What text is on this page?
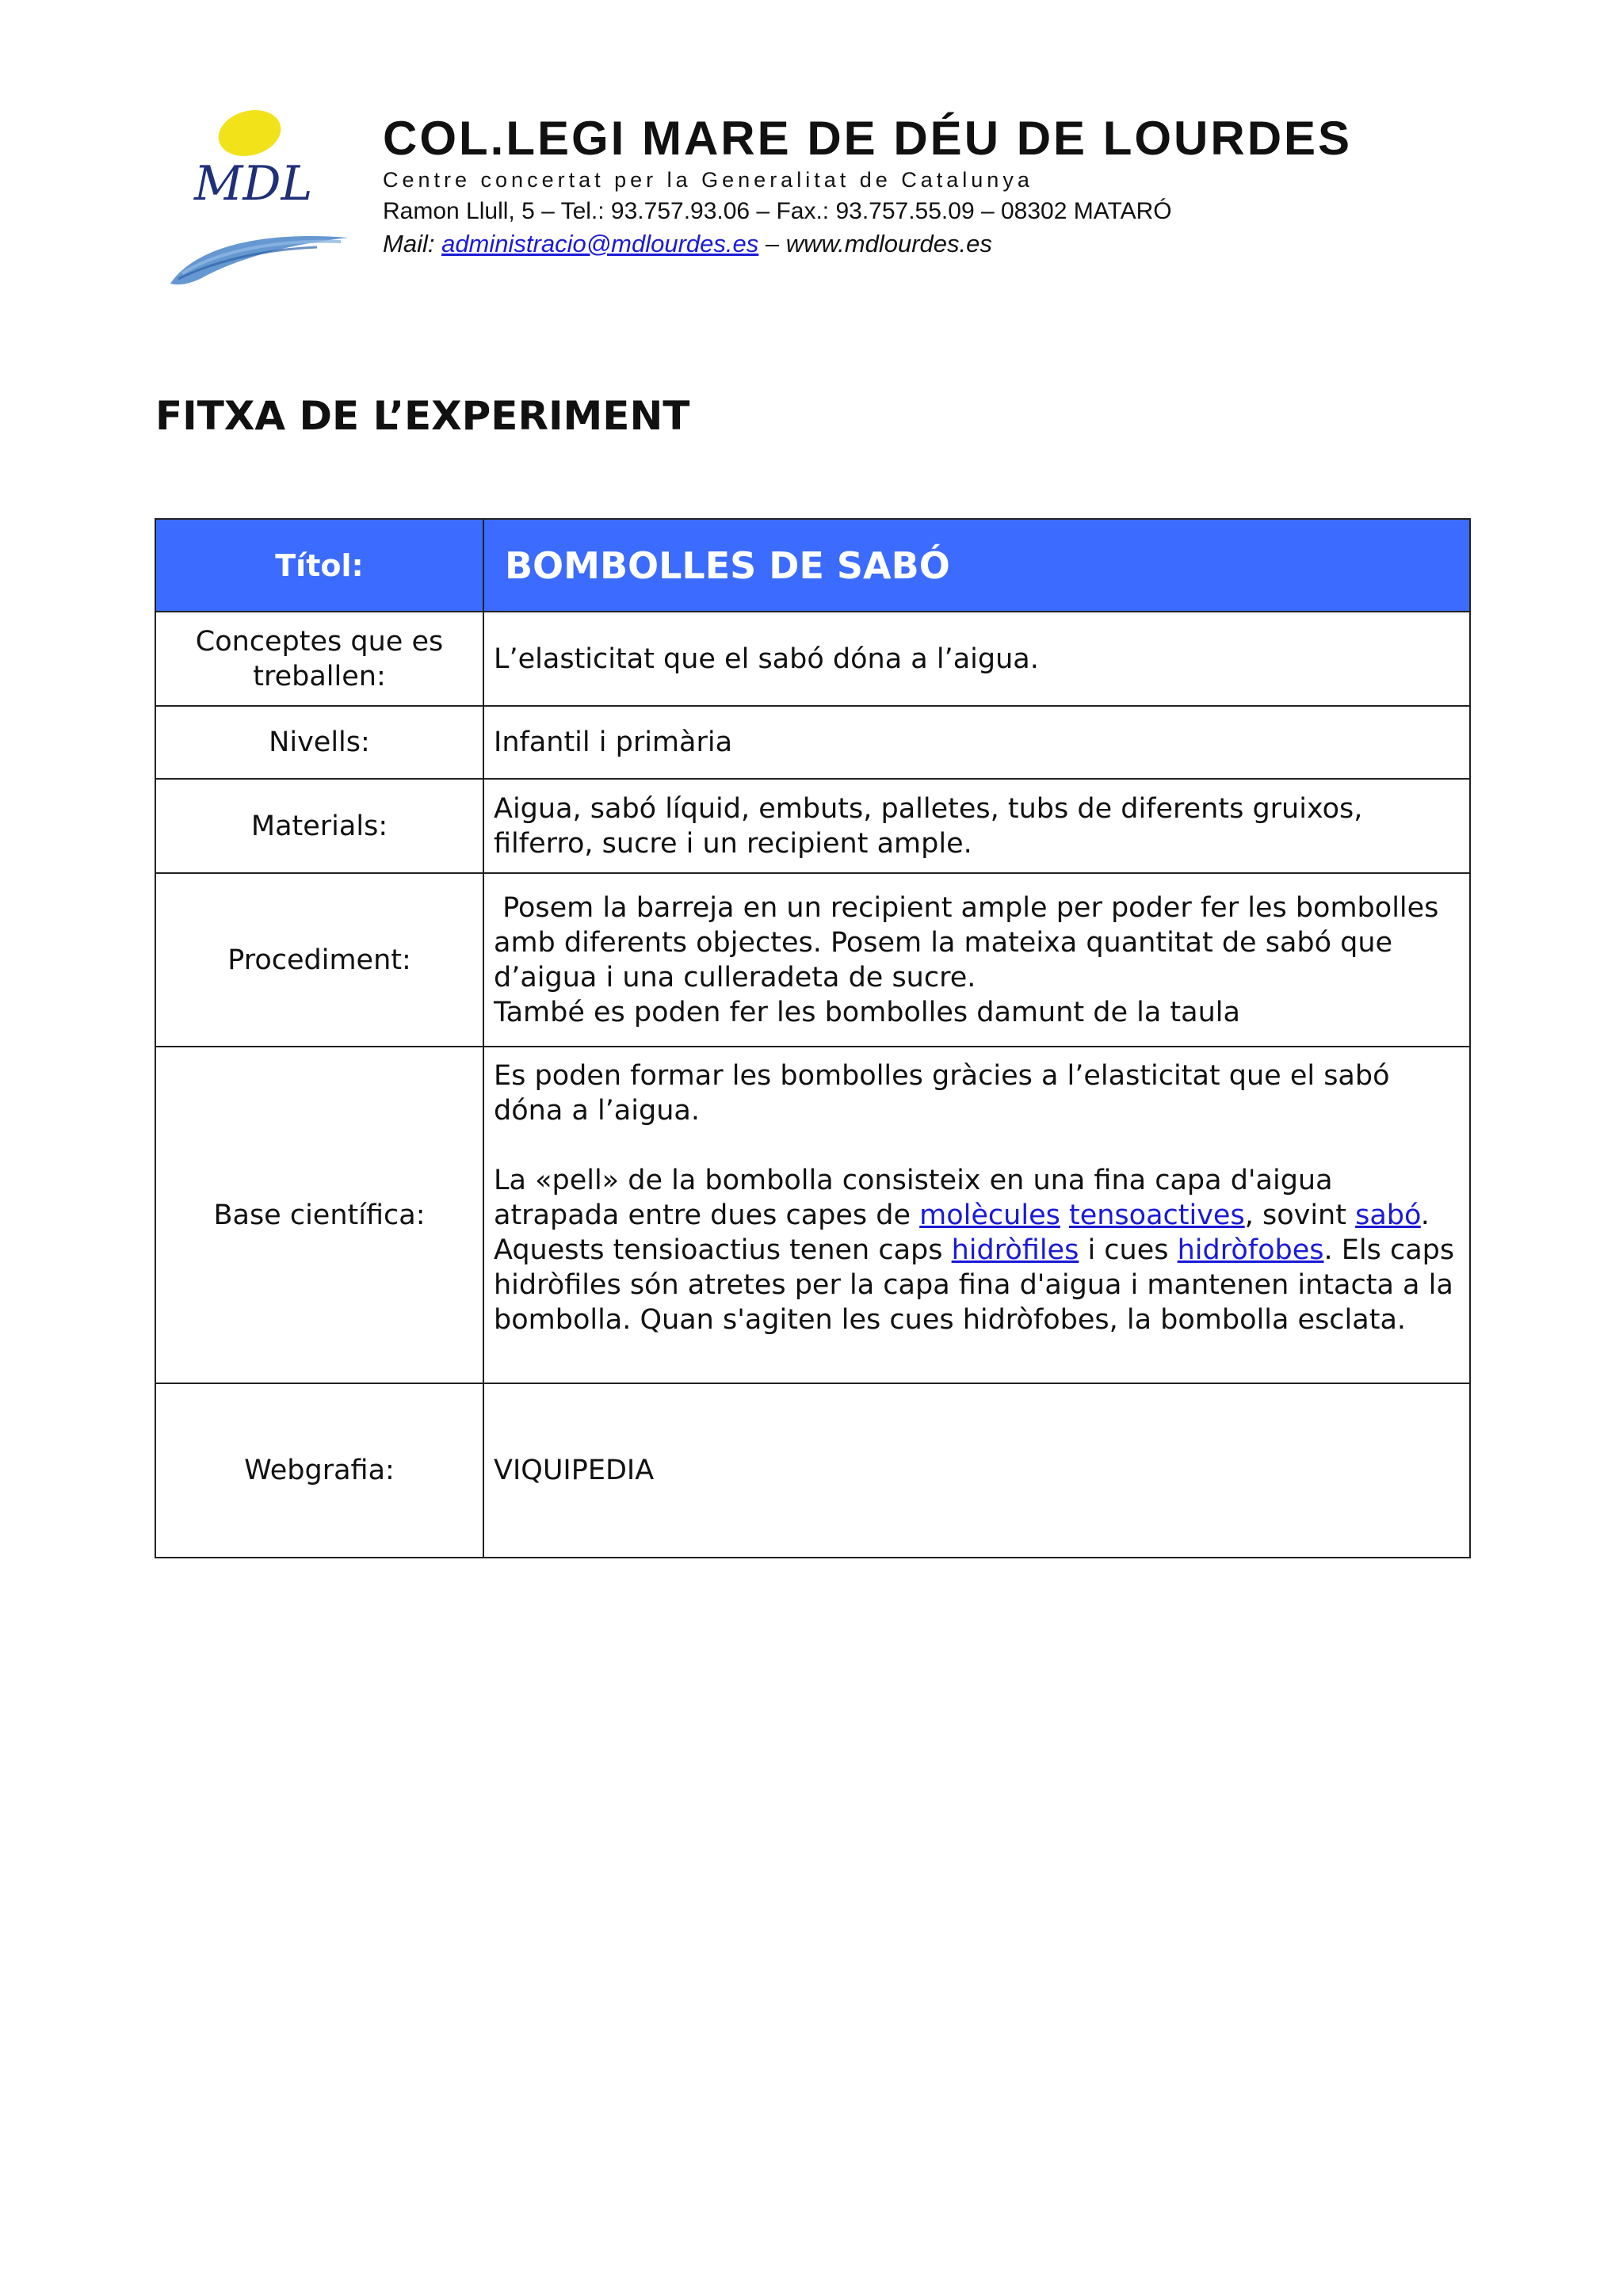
MDL
COL.LEGI MARE DE DÉU DE LOURDES
Centre concertat per la Generalitat de Catalunya
Ramon Llull, 5 – Tel.: 93.757.93.06 – Fax.: 93.757.55.09 – 08302 MATARÓ
Mail: administracio@mdlourdes.es – www.mdlourdes.es
FITXA DE L’EXPERIMENT
Títol:	BOMBOLLES DE SABÓ
Conceptes que es treballen:	L’elasticitat que el sabó dóna a l’aigua.
Nivells:	Infantil i primària
Materials:	Aigua, sabó líquid, embuts, palletes, tubs de diferents gruixos, filferro, sucre i un recipient ample.
Procediment:	Posem la barreja en un recipient ample per poder fer les bombolles amb diferents objectes. Posem la mateixa quantitat de sabó que d’aigua i una culleradeta de sucre.
També es poden fer les bombolles damunt de la taula

Base científica:	Es poden formar les bombolles gràcies a l’elasticitat que el sabó dóna a l’aigua.
La «pell» de la bombolla consisteix en una fina capa d'aigua atrapada entre dues capes de molècules tensoactives, sovint sabó. Aquests tensioactius tenen caps hidròfiles i cues hidròfobes. Els caps hidròfiles són atretes per la capa fina d'aigua i mantenen intacta a la bombolla. Quan s'agiten les cues hidròfobes, la bombolla esclata.

Webgrafia:	VIQUIPEDIA
